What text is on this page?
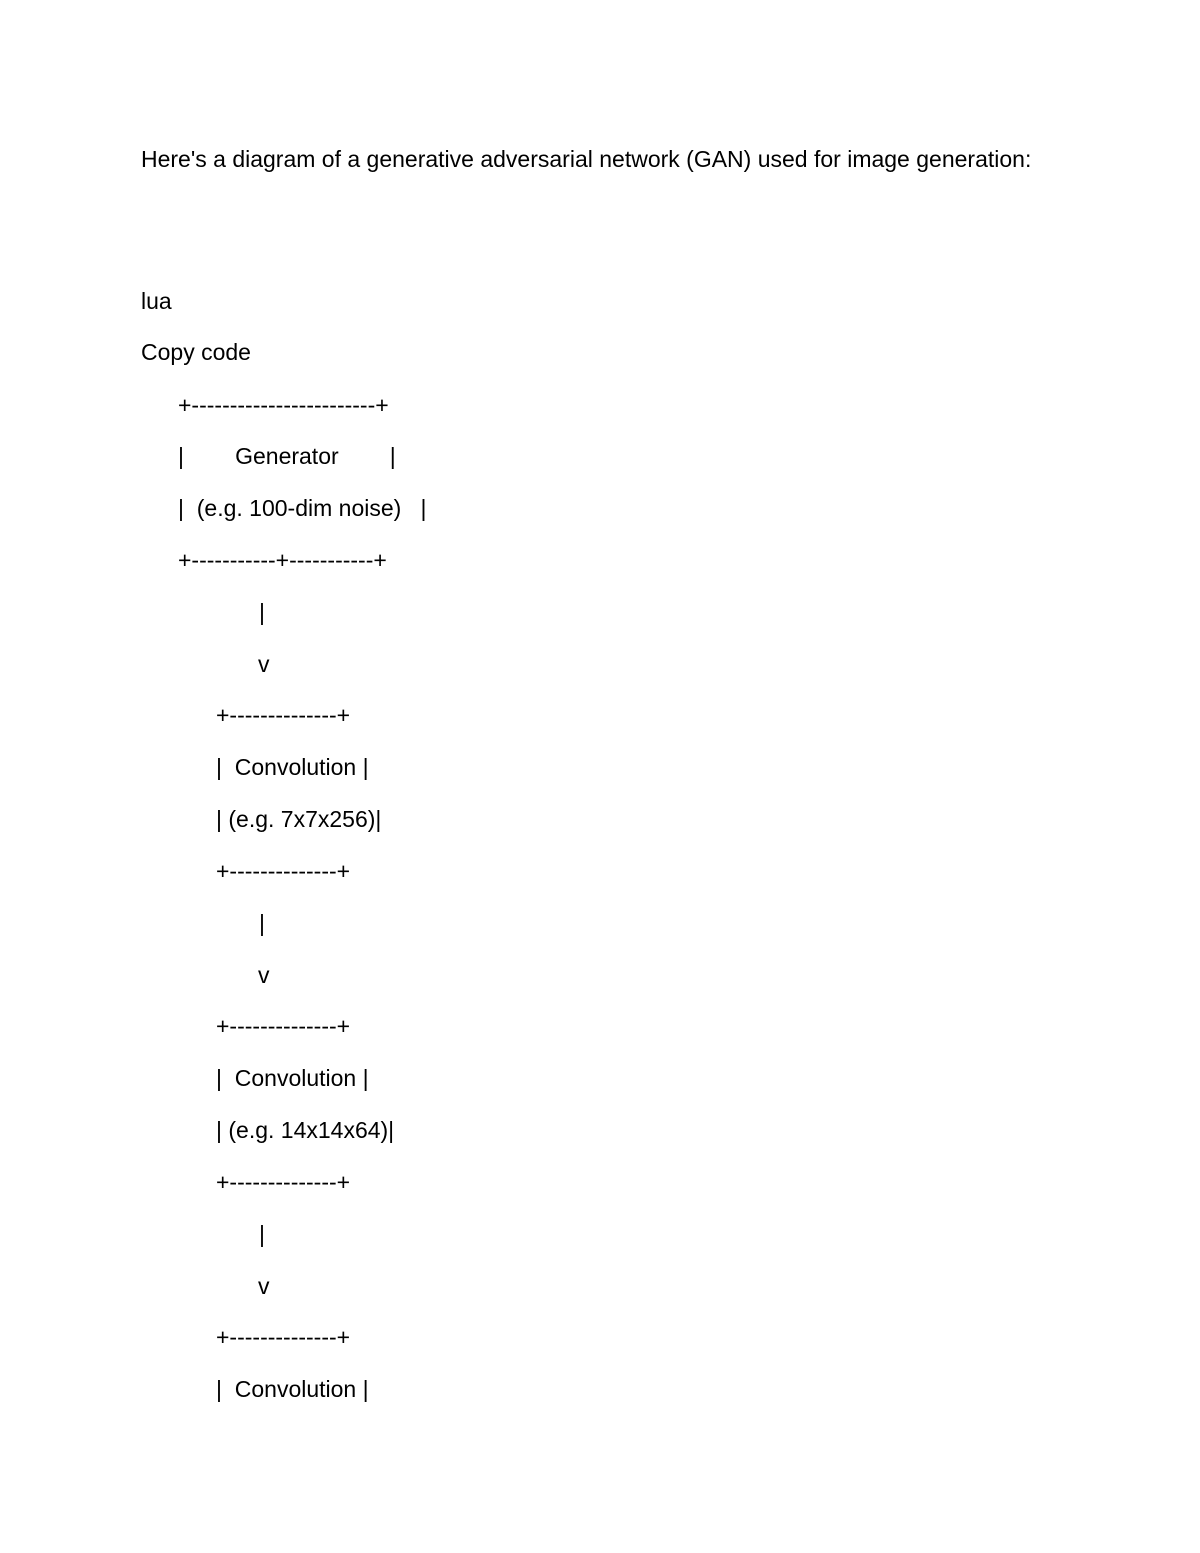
Here's a diagram of a generative adversarial network (GAN) used for image generation:

lua
Copy code
+------------------------+
|        Generator        |
|  (e.g. 100-dim noise)   |
+-----------+-----------+
|
v
+--------------+
|  Convolution |
| (e.g. 7x7x256)|
+--------------+
|
v
+--------------+
|  Convolution |
| (e.g. 14x14x64)|
+--------------+
|
v
+--------------+
|  Convolution |
